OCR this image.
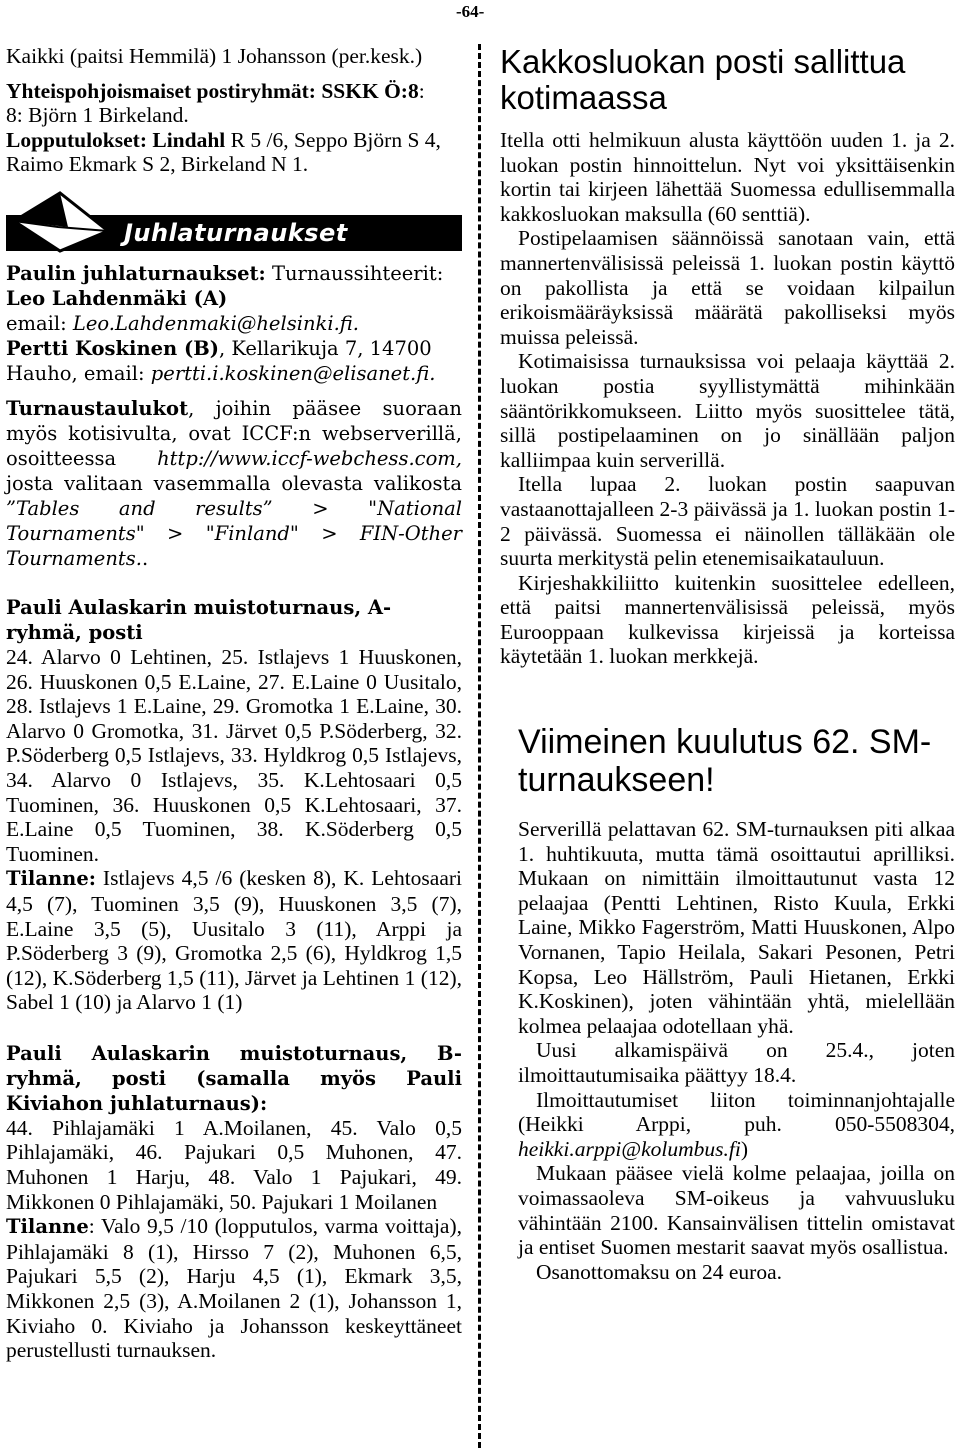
-64-

Kaikki (paitsi Hemmilä) 1 Johansson (per.kesk.)

Yhteispohjoismaiset postiryhmät: SSKK Ö:8:
8: Björn 1 Birkeland.
Lopputulokset: Lindahl R 5 /6, Seppo Björn S 4, Raimo Ekmark S 2, Birkeland N 1.

Juhlaturnaukset

Paulin juhlaturnaukset: Turnaussihteerit:
Leo Lahdenmäki (A)
email: Leo.Lahdenmaki@helsinki.fi.
Pertti Koskinen (B), Kellarikuja 7, 14700 Hauho, email: pertti.i.koskinen@elisanet.fi.

Turnaustaulukot, joihin pääsee suoraan myös kotisivulta, ovat ICCF:n webserverillä, osoitteessa http://www.iccf-webchess.com, josta valitaan vasemmalla olevasta valikosta ”Tables and results” > "National Tournaments" > "Finland" > FIN-Other Tournaments..

Pauli Aulaskarin muistoturnaus, A-ryhmä, posti

24. Alarvo 0 Lehtinen, 25. Istlajevs 1 Huuskonen, 26. Huuskonen 0,5 E.Laine, 27. E.Laine 0 Uusitalo, 28. Istlajevs 1 E.Laine, 29. Gromotka 1 E.Laine, 30. Alarvo 0 Gromotka, 31. Järvet 0,5 P.Söderberg, 32. P.Söderberg 0,5 Istlajevs, 33. Hyldkrog 0,5 Istlajevs, 34. Alarvo 0 Istlajevs, 35. K.Lehtosaari 0,5 Tuominen, 36. Huuskonen 0,5 K.Lehtosaari, 37. E.Laine 0,5 Tuominen, 38. K.Söderberg 0,5 Tuominen.

Tilanne: Istlajevs 4,5 /6 (kesken 8), K. Lehtosaari 4,5 (7), Tuominen 3,5 (9), Huuskonen 3,5 (7), E.Laine 3,5 (5), Uusitalo 3 (11), Arppi ja P.Söderberg 3 (9), Gromotka 2,5 (6), Hyldkrog 1,5 (12), K.Söderberg 1,5 (11), Järvet ja Lehtinen 1 (12), Sabel 1 (10) ja Alarvo 1 (1)

Pauli Aulaskarin muistoturnaus, B-ryhmä, posti (samalla myös Pauli Kiviahon juhlaturnaus):

44. Pihlajamäki 1 A.Moilanen, 45. Valo 0,5 Pihlajamäki, 46. Pajukari 0,5 Muhonen, 47. Muhonen 1 Harju, 48. Valo 1 Pajukari, 49. Mikkonen 0 Pihlajamäki, 50. Pajukari 1 Moilanen

Tilanne: Valo 9,5 /10 (lopputulos, varma voittaja), Pihlajamäki 8 (1), Hirsso 7 (2), Muhonen 6,5, Pajukari 5,5 (2), Harju 4,5 (1), Ekmark 3,5, Mikkonen 2,5 (3), A.Moilanen 2 (1), Johansson 1, Kiviaho 0. Kiviaho ja Johansson keskeyttäneet perustellusti turnauksen.

Kakkosluokan posti sallittua kotimaassa

Itella otti helmikuun alusta käyttöön uuden 1. ja 2. luokan postin hinnoittelun. Nyt voi yksittäisenkin kortin tai kirjeen lähettää Suomessa edullisemmalla kakkosluokan maksulla (60 senttiä).

Postipelaamisen säännöissä sanotaan vain, että mannertenvälisissä peleissä 1. luokan postin käyttö on pakollista ja että se voidaan kilpailun erikoismääräyksissä määrätä pakolliseksi myös muissa peleissä.

Kotimaisissa turnauksissa voi pelaaja käyttää 2. luokan postia syyllistymättä mihinkään sääntörikkomukseen. Liitto myös suosittelee tätä, sillä postipelaaminen on jo sinällään paljon kalliimpaa kuin serverillä.

Itella lupaa 2. luokan postin saapuvan vastaanottajalleen 2-3 päivässä ja 1. luokan postin 1-2 päivässä. Suomessa ei näinollen tälläkään ole suurta merkitystä pelin etenemisaikatauluun.

Kirjeshakkiliitto kuitenkin suosittelee edelleen, että paitsi mannertenvälisissä peleissä, myös Eurooppaan kulkevissa kirjeissä ja korteissa käytetään 1. luokan merkkejä.

Viimeinen kuulutus 62. SM-turnaukseen!

Serverillä pelattavan 62. SM-turnauksen piti alkaa 1. huhtikuuta, mutta tämä osoittautui aprilliksi. Mukaan on nimittäin ilmoittautunut vasta 12 pelaajaa (Pentti Lehtinen, Risto Kuula, Erkki Laine, Mikko Fagerström, Matti Huuskonen, Alpo Vornanen, Tapio Heilala, Sakari Pesonen, Petri Kopsa, Leo Hällström, Pauli Hietanen, Erkki K.Koskinen), joten vähintään yhtä, mielellään kolmea pelaajaa odotellaan yhä.

Uusi alkamispäivä on 25.4., joten ilmoittautumisaika päättyy 18.4.

Ilmoittautumiset liiton toiminnanjohtajalle (Heikki Arppi, puh. 050-5508304, heikki.arppi@kolumbus.fi)

Mukaan pääsee vielä kolme pelaajaa, joilla on voimassaoleva SM-oikeus ja vahvuusluku vähintään 2100. Kansainvälisen tittelin omistavat ja entiset Suomen mestarit saavat myös osallistua.

Osanottomaksu on 24 euroa.
